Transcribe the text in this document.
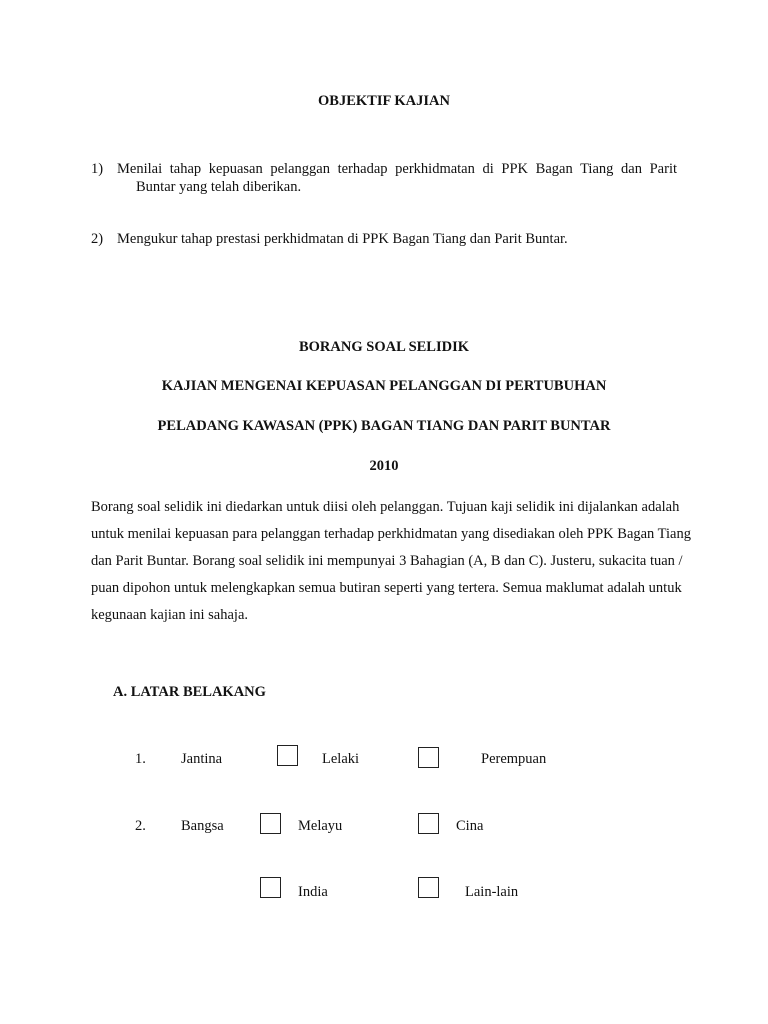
OBJEKTIF KAJIAN
1) Menilai tahap kepuasan pelanggan terhadap perkhidmatan di PPK Bagan Tiang dan Parit
Buntar yang telah diberikan.
2) Mengukur tahap prestasi perkhidmatan di PPK Bagan Tiang dan Parit Buntar.
BORANG SOAL SELIDIK
KAJIAN MENGENAI KEPUASAN PELANGGAN DI PERTUBUHAN
PELADANG KAWASAN (PPK) BAGAN TIANG DAN PARIT BUNTAR
2010
Borang soal selidik ini diedarkan untuk diisi oleh pelanggan. Tujuan kaji selidik ini dijalankan adalah
untuk menilai kepuasan para pelanggan terhadap perkhidmatan yang disediakan oleh PPK Bagan Tiang
dan Parit Buntar. Borang soal selidik ini mempunyai 3 Bahagian (A, B dan C). Justeru, sukacita tuan /
puan dipohon untuk melengkapkan semua butiran seperti yang tertera. Semua maklumat adalah untuk
kegunaan kajian ini sahaja.
A. LATAR BELAKANG
1. Jantina	Lelaki	Perempuan
2. Bangsa	Melayu	Cina
India	Lain-lain
